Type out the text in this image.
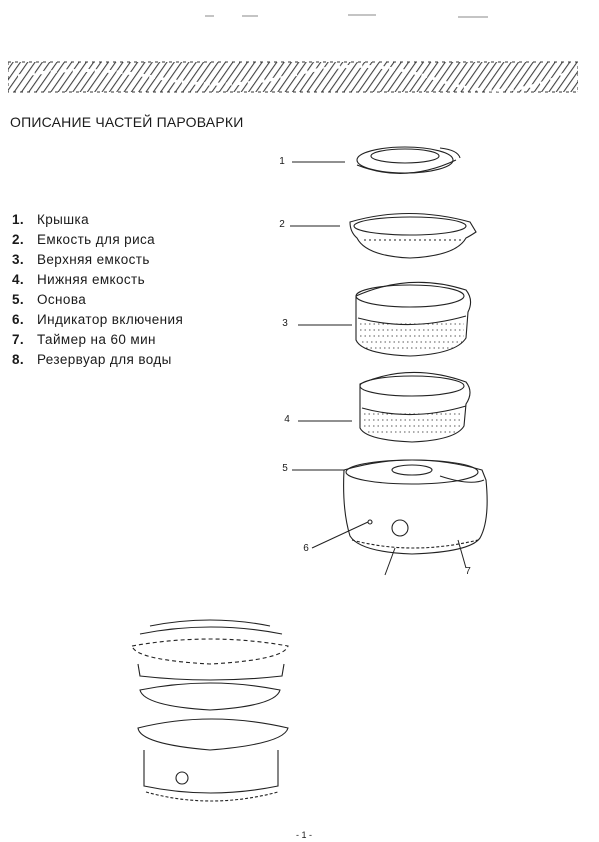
ОПИСАНИЕ ЧАСТЕЙ ПАРОВАРКИ
1. Крышка
2. Емкость для риса
3. Верхняя емкость
4. Нижняя емкость
5. Основа
6. Индикатор включения
7. Таймер на 60 мин
8. Резервуар для воды
1
2
3
4
5
6
7
- 1 -
